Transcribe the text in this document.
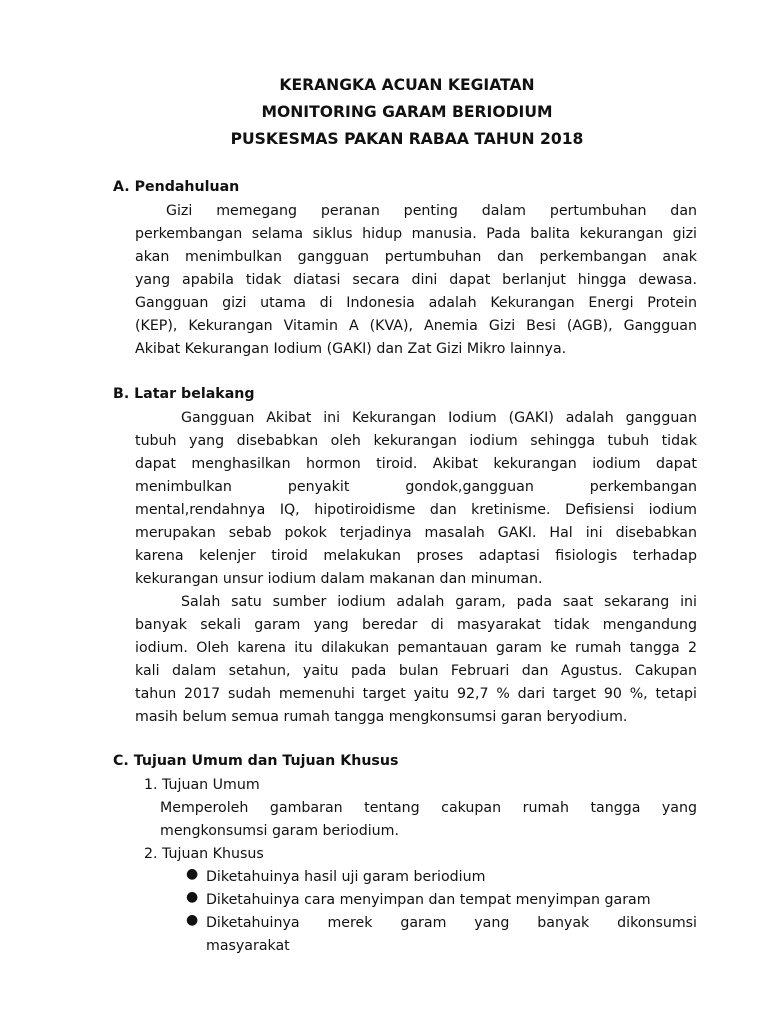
KERANGKA ACUAN KEGIATAN

MONITORING GARAM BERIODIUM

PUSKESMAS PAKAN RABAA TAHUN 2018

A. Pendahuluan

Gizi memegang peranan penting dalam pertumbuhan dan

perkembangan selama siklus hidup manusia. Pada balita kekurangan gizi

akan menimbulkan gangguan pertumbuhan dan perkembangan anak

yang apabila tidak diatasi secara dini dapat berlanjut hingga dewasa.

Gangguan gizi utama di Indonesia adalah Kekurangan Energi Protein

(KEP), Kekurangan Vitamin A (KVA), Anemia Gizi Besi (AGB), Gangguan

Akibat Kekurangan Iodium (GAKI) dan Zat Gizi Mikro lainnya.

B. Latar belakang

Gangguan Akibat ini Kekurangan Iodium (GAKI) adalah gangguan

tubuh yang disebabkan oleh kekurangan iodium sehingga tubuh tidak

dapat menghasilkan hormon tiroid. Akibat kekurangan iodium dapat

menimbulkan penyakit gondok,gangguan perkembangan

mental,rendahnya IQ, hipotiroidisme dan kretinisme. Defisiensi iodium

merupakan sebab pokok terjadinya masalah GAKI. Hal ini disebabkan

karena kelenjer tiroid melakukan proses adaptasi fisiologis terhadap

kekurangan unsur iodium dalam makanan dan minuman.

Salah satu sumber iodium adalah garam, pada saat sekarang ini

banyak sekali garam yang beredar di masyarakat tidak mengandung

iodium. Oleh karena itu dilakukan pemantauan garam ke rumah tangga 2

kali dalam setahun, yaitu pada bulan Februari dan Agustus. Cakupan

tahun 2017 sudah memenuhi target yaitu 92,7 % dari target 90 %, tetapi

masih belum semua rumah tangga mengkonsumsi garan beryodium.

C. Tujuan Umum dan Tujuan Khusus

1. Tujuan Umum

Memperoleh gambaran tentang cakupan rumah tangga yang

mengkonsumsi garam beriodium.

2. Tujuan Khusus

● Diketahuinya hasil uji garam beriodium

● Diketahuinya cara menyimpan dan tempat menyimpan garam

● Diketahuinya merek garam yang banyak dikonsumsi

masyarakat
